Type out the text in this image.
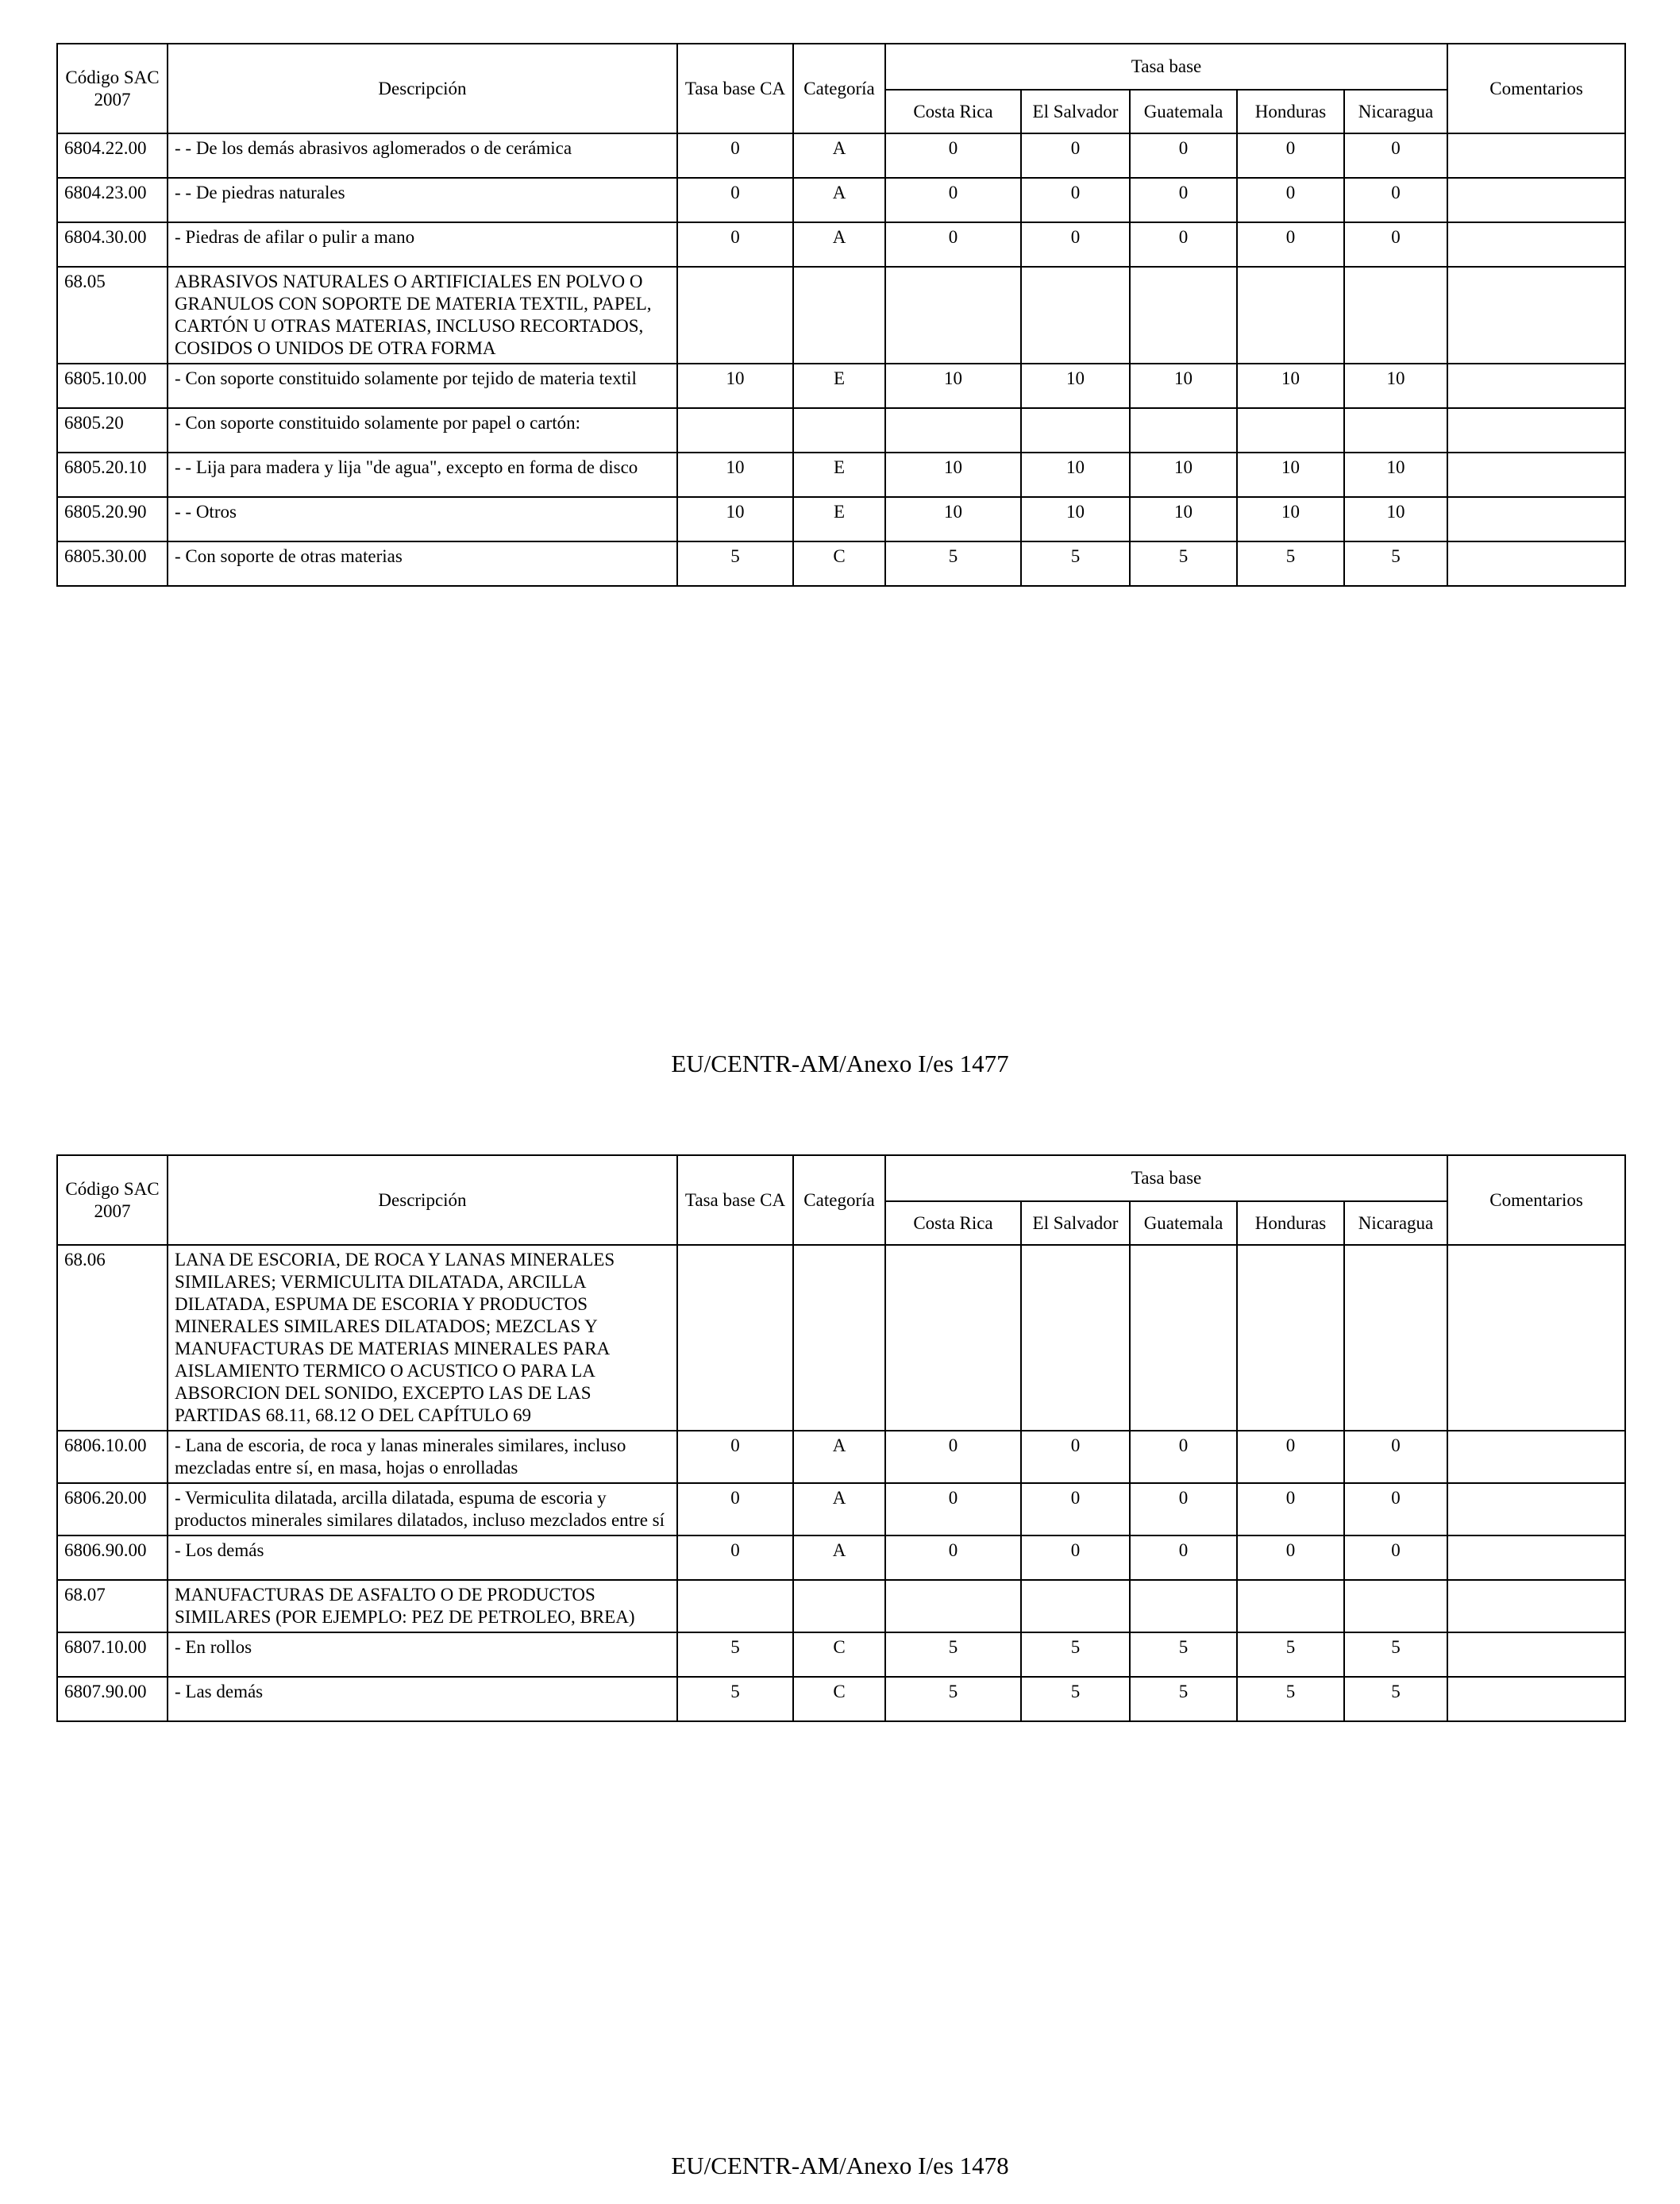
Código SAC 2007	Descripción	Tasa base CA	Categoría	Tasa base					Comentarios
				Costa Rica	El Salvador	Guatemala	Honduras	Nicaragua	
6804.22.00	- - De los demás abrasivos aglomerados o de cerámica	0	A	0	0	0	0	0	
6804.23.00	- - De piedras naturales	0	A	0	0	0	0	0	
6804.30.00	- Piedras de afilar o pulir a mano	0	A	0	0	0	0	0	
68.05	ABRASIVOS NATURALES O ARTIFICIALES EN POLVO O GRANULOS CON SOPORTE DE MATERIA TEXTIL, PAPEL, CARTÓN U OTRAS MATERIAS, INCLUSO RECORTADOS, COSIDOS O UNIDOS DE OTRA FORMA								
6805.10.00	- Con soporte constituido solamente por tejido de materia textil	10	E	10	10	10	10	10	
6805.20	- Con soporte constituido solamente por papel o cartón:								
6805.20.10	- - Lija para madera y lija "de agua", excepto en forma de disco	10	E	10	10	10	10	10	
6805.20.90	- - Otros	10	E	10	10	10	10	10	
6805.30.00	- Con soporte de otras materias	5	C	5	5	5	5	5	
EU/CENTR-AM/Anexo I/es 1477
Código SAC 2007	Descripción	Tasa base CA	Categoría	Tasa base					Comentarios
				Costa Rica	El Salvador	Guatemala	Honduras	Nicaragua	
68.06	LANA DE ESCORIA, DE ROCA Y LANAS MINERALES SIMILARES; VERMICULITA DILATADA, ARCILLA DILATADA, ESPUMA DE ESCORIA Y PRODUCTOS MINERALES SIMILARES DILATADOS; MEZCLAS Y MANUFACTURAS DE MATERIAS MINERALES PARA AISLAMIENTO TERMICO O ACUSTICO O PARA LA ABSORCION DEL SONIDO, EXCEPTO LAS DE LAS PARTIDAS 68.11, 68.12 O DEL CAPÍTULO 69								
6806.10.00	- Lana de escoria, de roca y lanas minerales similares, incluso mezcladas entre sí, en masa, hojas o enrolladas	0	A	0	0	0	0	0	
6806.20.00	- Vermiculita dilatada, arcilla dilatada, espuma de escoria y productos minerales similares dilatados, incluso mezclados entre sí	0	A	0	0	0	0	0	
6806.90.00	- Los demás	0	A	0	0	0	0	0	
68.07	MANUFACTURAS DE ASFALTO O DE PRODUCTOS SIMILARES (POR EJEMPLO: PEZ DE PETROLEO, BREA)								
6807.10.00	- En rollos	5	C	5	5	5	5	5	
6807.90.00	- Las demás	5	C	5	5	5	5	5	
EU/CENTR-AM/Anexo I/es 1478
